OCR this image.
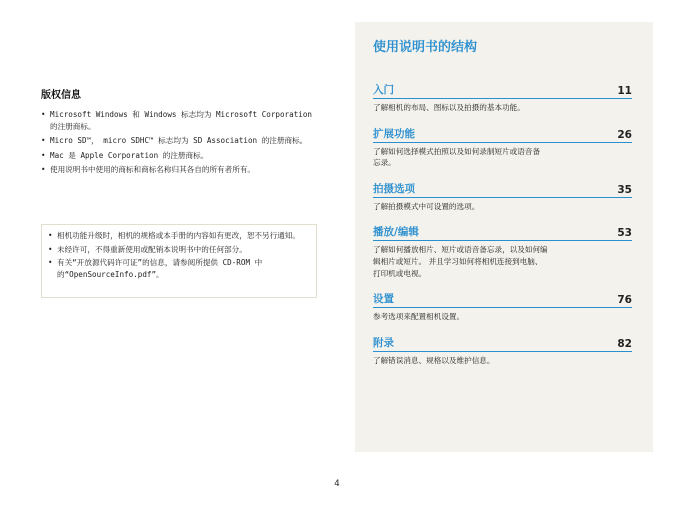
版权信息
• Microsoft Windows 和 Windows 标志均为 Microsoft Corporation 的注册商标。
• Micro SD™， micro SDHC™ 标志均为 SD Association 的注册商标。
• Mac 是 Apple Corporation 的注册商标。
• 使用说明书中使用的商标和商标名称归其各自的所有者所有。
• 相机功能升级时，相机的规格或本手册的内容如有更改，恕不另行通知。
• 未经许可，不得重新使用或配销本说明书中的任何部分。
• 有关“开放源代码许可证”的信息，请参阅所提供 CD-ROM 中的“OpenSourceInfo.pdf”。
使用说明书的结构
入门	11
了解相机的布局、图标以及拍摄的基本功能。
扩展功能	26
了解如何选择模式拍照以及如何录制短片或语音备
忘录。
拍摄选项	35
了解拍摄模式中可设置的选项。
播放/编辑	53
了解如何播放相片、短片或语音备忘录，以及如何编
辑相片或短片。 并且学习如何将相机连接到电脑、
打印机或电视。
设置	76
参考选项来配置相机设置。
附录	82
了解错误消息、规格以及维护信息。
4
